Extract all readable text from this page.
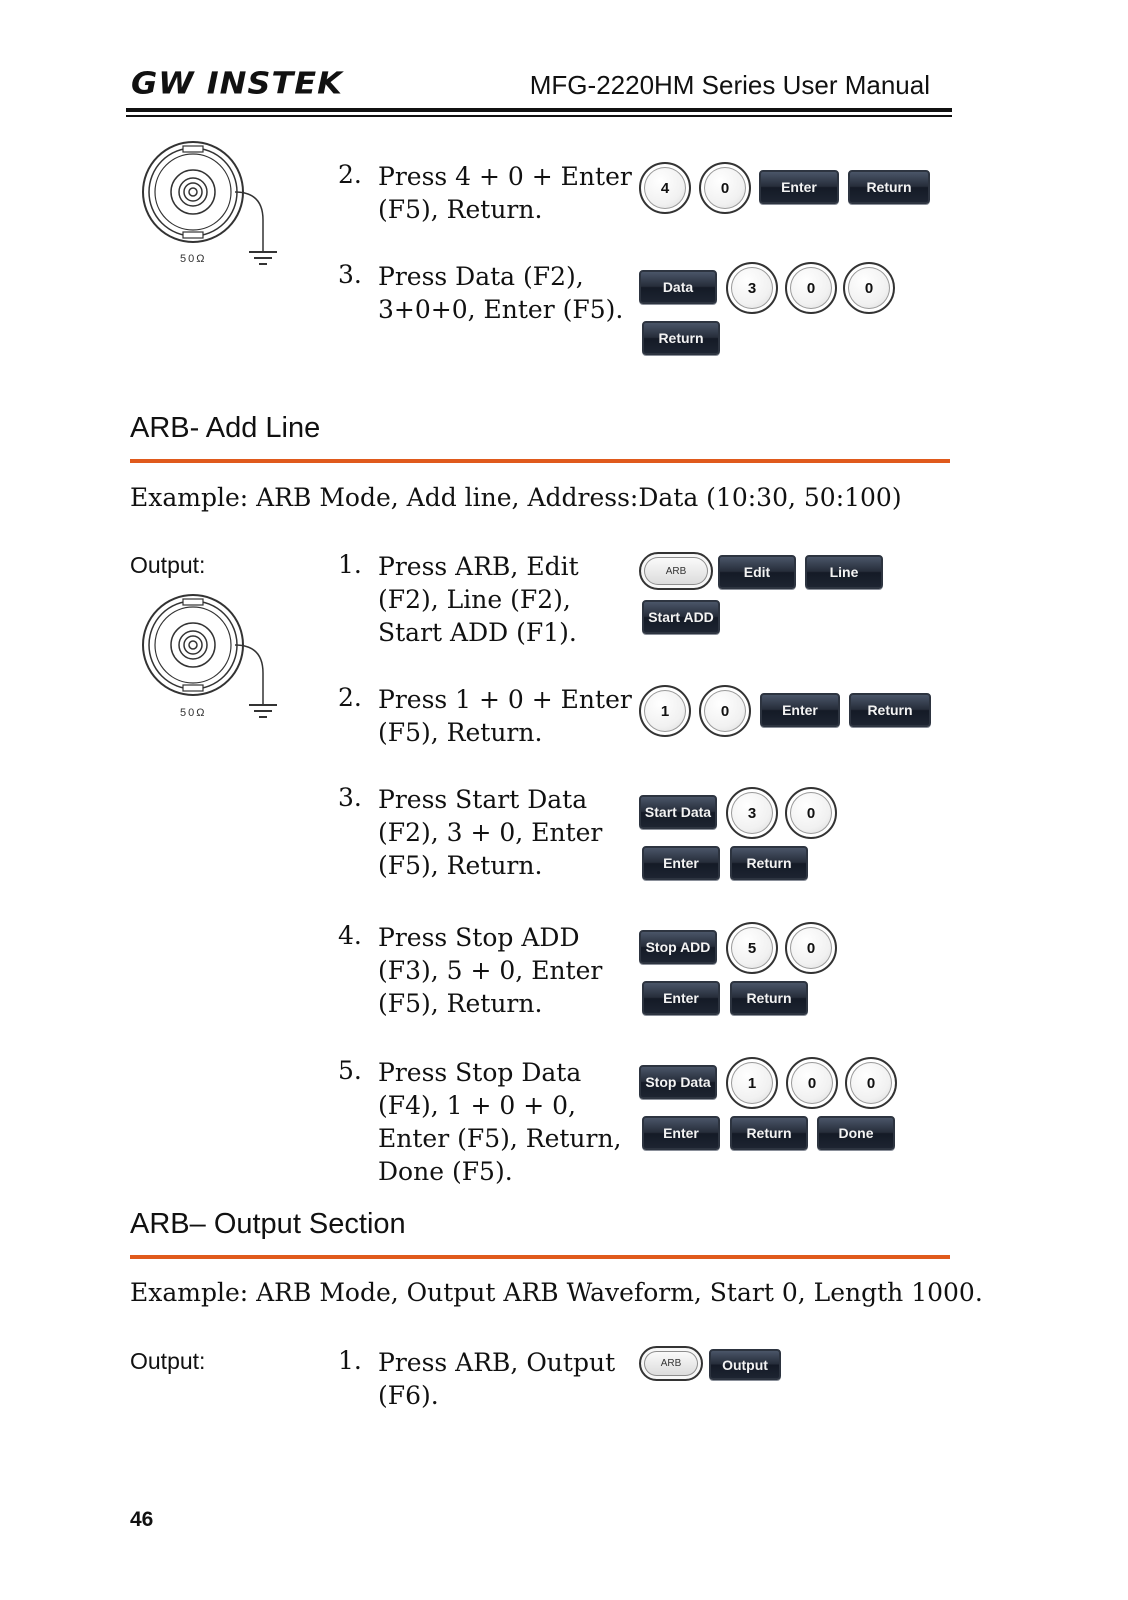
GW INSTEK	MFG-2220HM Series User Manual
50Ω
2. Press 4 + 0 + Enter (F5), Return.
4	0	Enter	Return
3. Press Data (F2), 3+0+0, Enter (F5).
Data	3	0	0
Return
ARB- Add Line
Example: ARB Mode, Add line, Address:Data (10:30, 50:100)
Output:
50Ω
1. Press ARB, Edit (F2), Line (F2), Start ADD (F1).
ARB	Edit	Line
Start ADD
2. Press 1 + 0 + Enter (F5), Return.
1	0	Enter	Return
3. Press Start Data (F2), 3 + 0, Enter (F5), Return.
Start Data	3	0
Enter	Return
4. Press Stop ADD (F3), 5 + 0, Enter (F5), Return.
Stop ADD	5	0
Enter	Return
5. Press Stop Data (F4), 1 + 0 + 0, Enter (F5), Return, Done (F5).
Stop Data	1	0	0
Enter	Return	Done
ARB– Output Section
Example: ARB Mode, Output ARB Waveform, Start 0, Length 1000.
Output:	1. Press ARB, Output (F6).
ARB	Output
46
